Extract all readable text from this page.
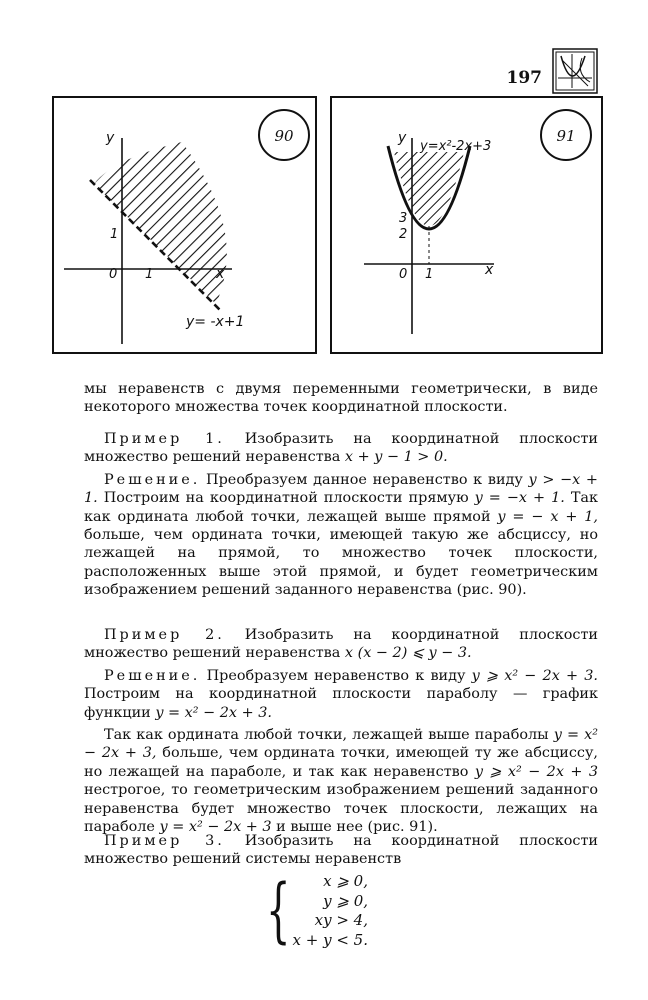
197
y
x
0 1
1
y= -x+1
90	y
x
0 1
3
2
y=x²-2x+3
91

мы неравенств с двумя переменными геометрически, в виде некоторого множества точек координатной плоскости.

Пример 1. Изобразить на координатной плоскости множество решений неравенства x + y − 1 > 0.

Решение. Преобразуем данное неравенство к виду y > −x + 1. Построим на координатной плоскости прямую y = −x + 1. Так как ордината любой точки, лежащей выше прямой y = − x + 1, больше, чем ордината точки, имеющей такую же абсциссу, но лежащей на прямой, то множество точек плоскости, расположенных выше этой прямой, и будет геометрическим изображением решений заданного неравенства (рис. 90).

Пример 2. Изобразить на координатной плоскости множество решений неравенства x (x − 2) ⩽ y − 3.

Решение. Преобразуем неравенство к виду y ⩾ x² − 2x + 3. Построим на координатной плоскости параболу — график функции y = x² − 2x + 3.

Так как ордината любой точки, лежащей выше параболы y = x² − 2x + 3, больше, чем ордината точки, имеющей ту же абсциссу, но лежащей на параболе, и так как неравенство y ⩾ x² − 2x + 3 нестрогое, то геометрическим изображением решений заданного неравенства будет множество точек плоскости, лежащих на параболе y = x² − 2x + 3 и выше нее (рис. 91).

Пример 3. Изобразить на координатной плоскости множество решений системы неравенств

{	x ⩾ 0,
y ⩾ 0,
xy > 4,
x + y < 5.
